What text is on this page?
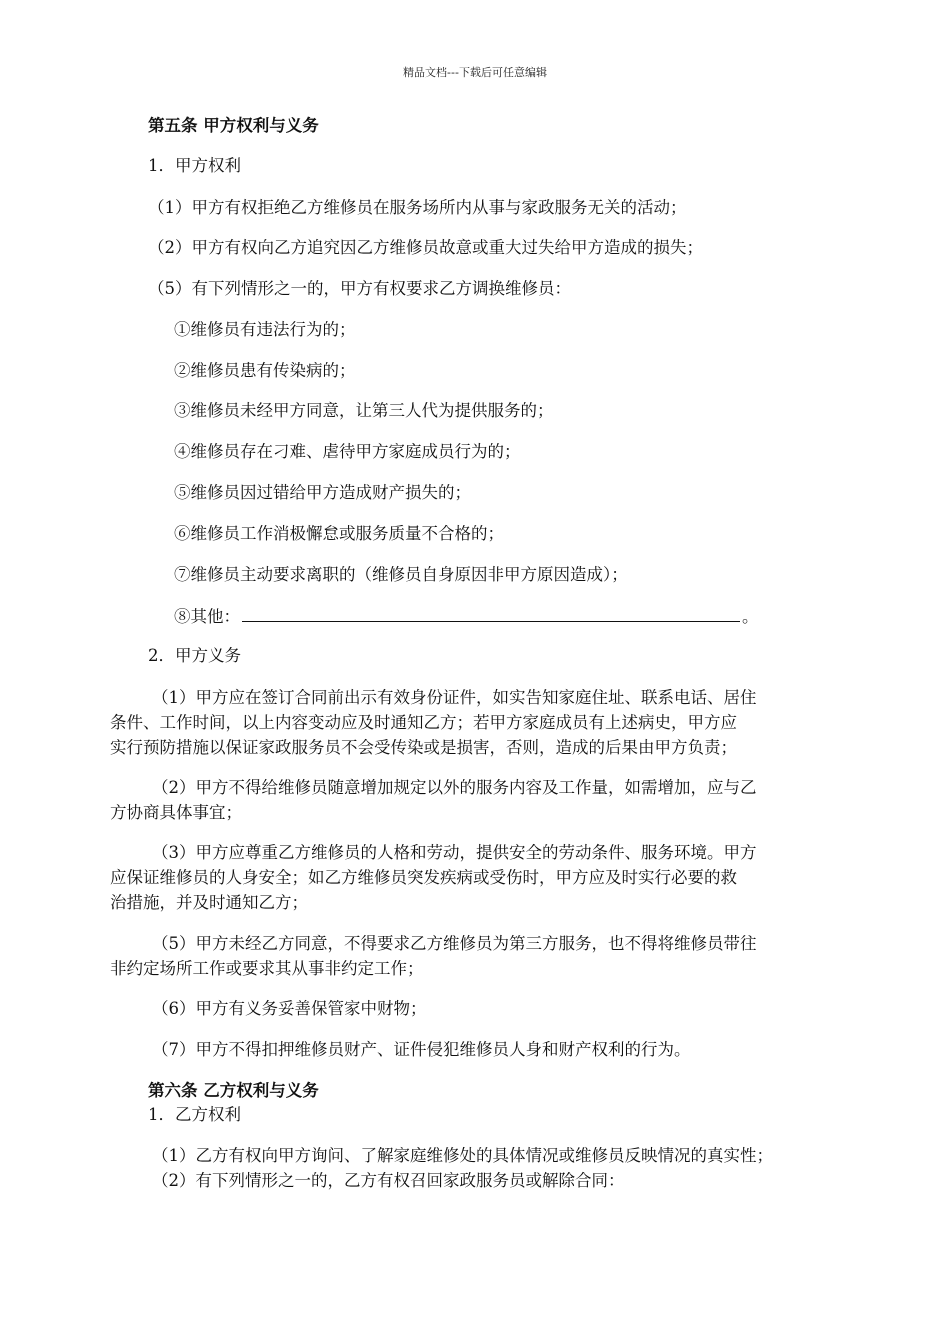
精品文档---下载后可任意编辑
第五条 甲方权利与义务
1．甲方权利
（1）甲方有权拒绝乙方维修员在服务场所内从事与家政服务无关的活动；
（2）甲方有权向乙方追究因乙方维修员故意或重大过失给甲方造成的损失；
（5）有下列情形之一的，甲方有权要求乙方调换维修员：
①维修员有违法行为的；
②维修员患有传染病的；
③维修员未经甲方同意，让第三人代为提供服务的；
④维修员存在刁难、虐待甲方家庭成员行为的；
⑤维修员因过错给甲方造成财产损失的；
⑥维修员工作消极懈怠或服务质量不合格的；
⑦维修员主动要求离职的（维修员自身原因非甲方原因造成）；
⑧其他：	。
2．甲方义务
（1）甲方应在签订合同前出示有效身份证件，如实告知家庭住址、联系电话、居住
条件、工作时间，以上内容变动应及时通知乙方；若甲方家庭成员有上述病史，甲方应
实行预防措施以保证家政服务员不会受传染或是损害，否则，造成的后果由甲方负责；
（2）甲方不得给维修员随意增加规定以外的服务内容及工作量，如需增加，应与乙
方协商具体事宜；
（3）甲方应尊重乙方维修员的人格和劳动，提供安全的劳动条件、服务环境。甲方
应保证维修员的人身安全；如乙方维修员突发疾病或受伤时，甲方应及时实行必要的救
治措施，并及时通知乙方；
（5）甲方未经乙方同意，不得要求乙方维修员为第三方服务，也不得将维修员带往
非约定场所工作或要求其从事非约定工作；
（6）甲方有义务妥善保管家中财物；
（7）甲方不得扣押维修员财产、证件侵犯维修员人身和财产权利的行为。
第六条 乙方权利与义务
1．乙方权利
（1）乙方有权向甲方询问、了解家庭维修处的具体情况或维修员反映情况的真实性；
（2）有下列情形之一的，乙方有权召回家政服务员或解除合同：
